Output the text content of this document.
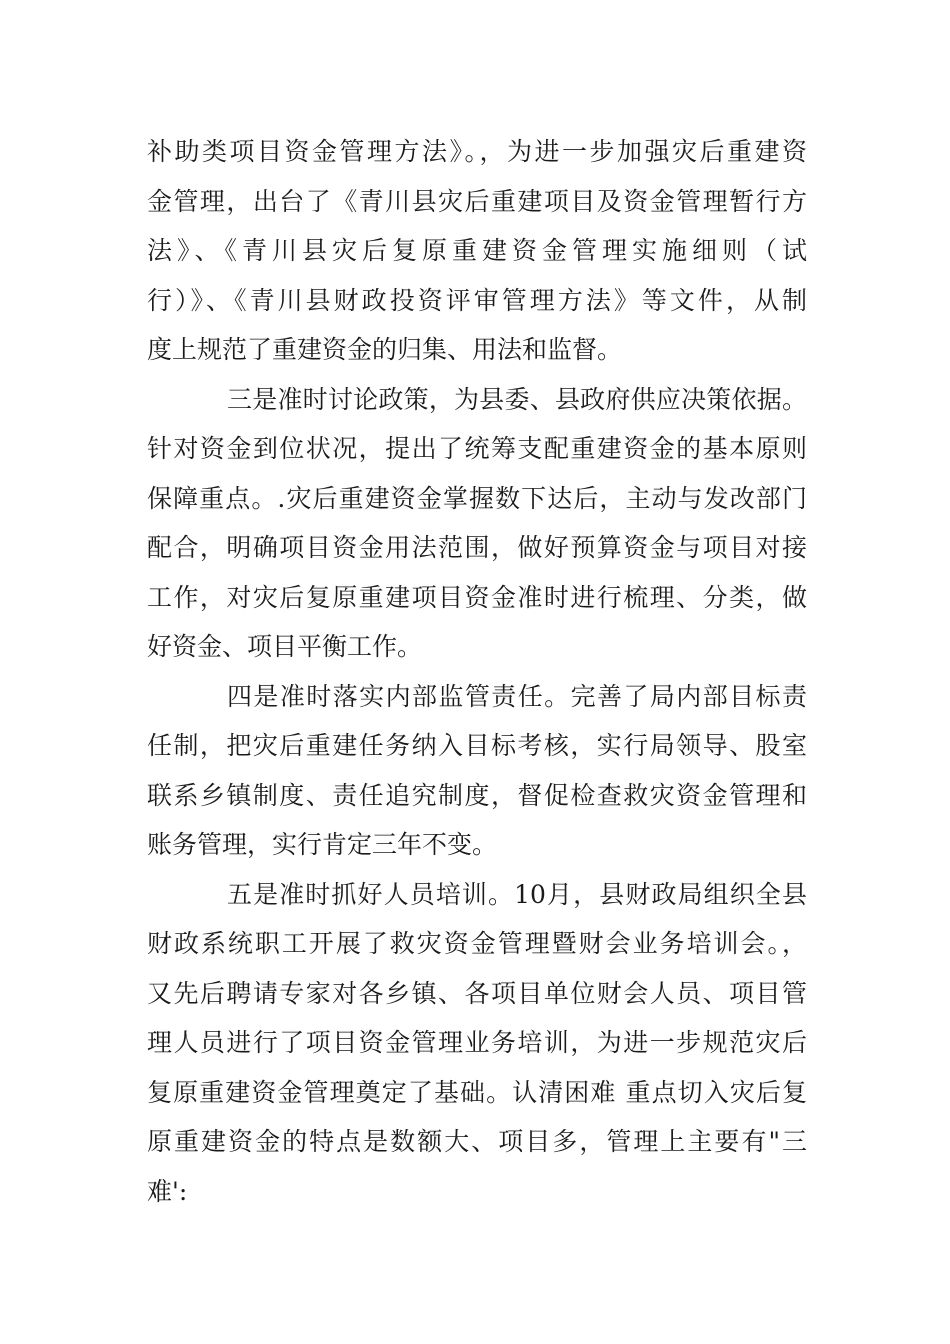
补助类项目资金管理方法》。，为进一步加强灾后重建资
金管理，出台了《青川县灾后重建项目及资金管理暂行方
法》、《青川县灾后复原重建资金管理实施细则（试
行）》、《青川县财政投资评审管理方法》等文件，从制
度上规范了重建资金的归集、用法和监督。
三是准时讨论政策，为县委、县政府供应决策依据。
针对资金到位状况，提出了统筹支配重建资金的基本原则
保障重点。.灾后重建资金掌握数下达后，主动与发改部门
配合，明确项目资金用法范围，做好预算资金与项目对接
工作，对灾后复原重建项目资金准时进行梳理、分类，做
好资金、项目平衡工作。
四是准时落实内部监管责任。完善了局内部目标责
任制，把灾后重建任务纳入目标考核，实行局领导、股室
联系乡镇制度、责任追究制度，督促检查救灾资金管理和
账务管理，实行肯定三年不变。
五是准时抓好人员培训。10月，县财政局组织全县
财政系统职工开展了救灾资金管理暨财会业务培训会。，
又先后聘请专家对各乡镇、各项目单位财会人员、项目管
理人员进行了项目资金管理业务培训，为进一步规范灾后
复原重建资金管理奠定了基础。认清困难 重点切入灾后复
原重建资金的特点是数额大、项目多，管理上主要有"三
难':
